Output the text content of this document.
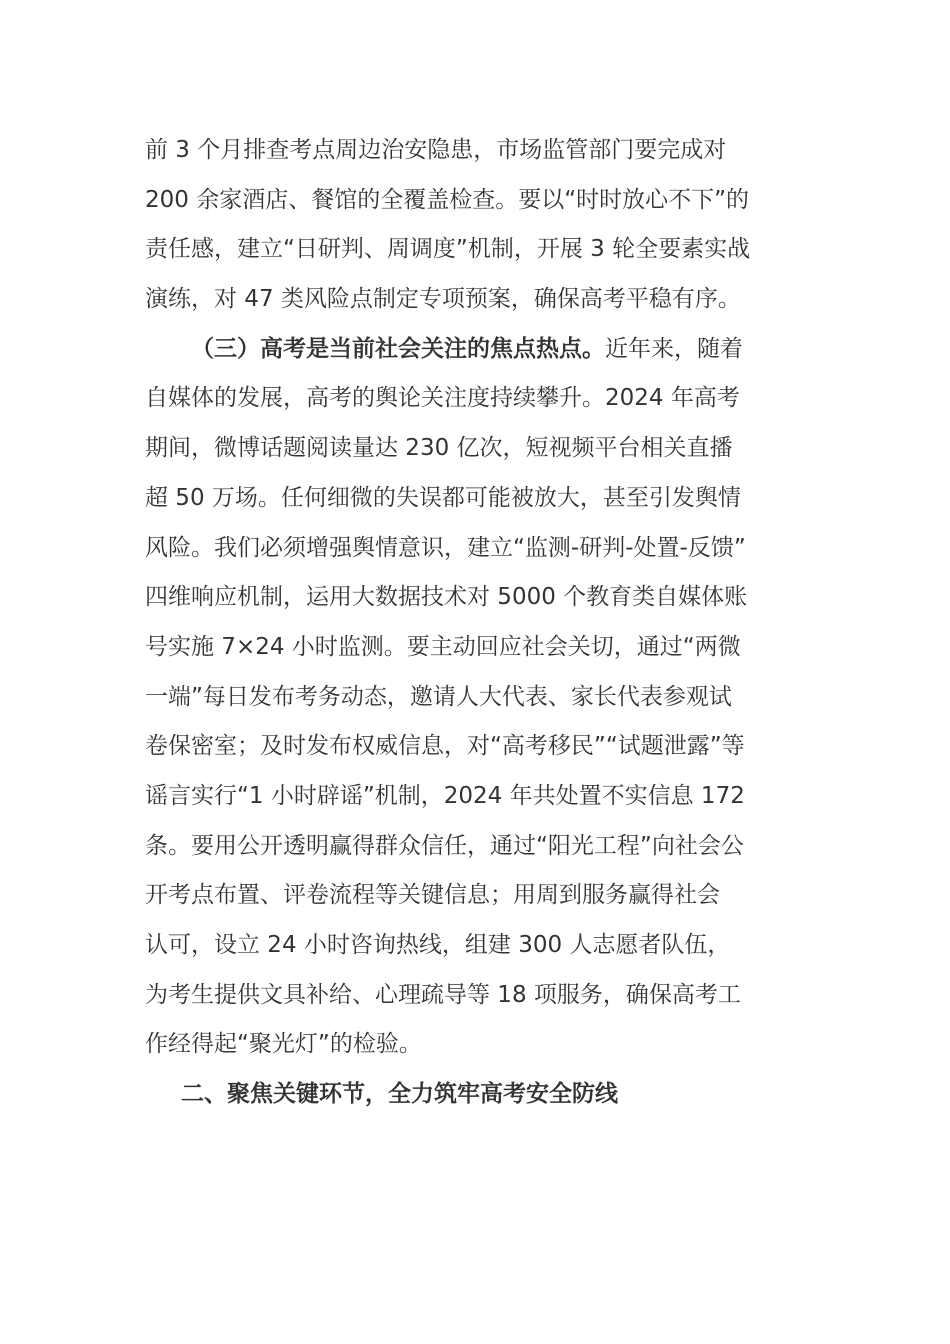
前 3 个月排查考点周边治安隐患，市场监管部门要完成对
200 余家酒店、餐馆的全覆盖检查。要以“时时放心不下”的
责任感，建立“日研判、周调度”机制，开展 3 轮全要素实战
演练，对 47 类风险点制定专项预案，确保高考平稳有序。
（三）高考是当前社会关注的焦点热点。近年来，随着
自媒体的发展，高考的舆论关注度持续攀升。2024 年高考
期间，微博话题阅读量达 230 亿次，短视频平台相关直播
超 50 万场。任何细微的失误都可能被放大，甚至引发舆情
风险。我们必须增强舆情意识，建立“监测-研判-处置-反馈”
四维响应机制，运用大数据技术对 5000 个教育类自媒体账
号实施 7×24 小时监测。要主动回应社会关切，通过“两微
一端”每日发布考务动态，邀请人大代表、家长代表参观试
卷保密室；及时发布权威信息，对“高考移民”“试题泄露”等
谣言实行“1 小时辟谣”机制，2024 年共处置不实信息 172
条。要用公开透明赢得群众信任，通过“阳光工程”向社会公
开考点布置、评卷流程等关键信息；用周到服务赢得社会
认可，设立 24 小时咨询热线，组建 300 人志愿者队伍，
为考生提供文具补给、心理疏导等 18 项服务，确保高考工
作经得起“聚光灯”的检验。
二、聚焦关键环节，全力筑牢高考安全防线
